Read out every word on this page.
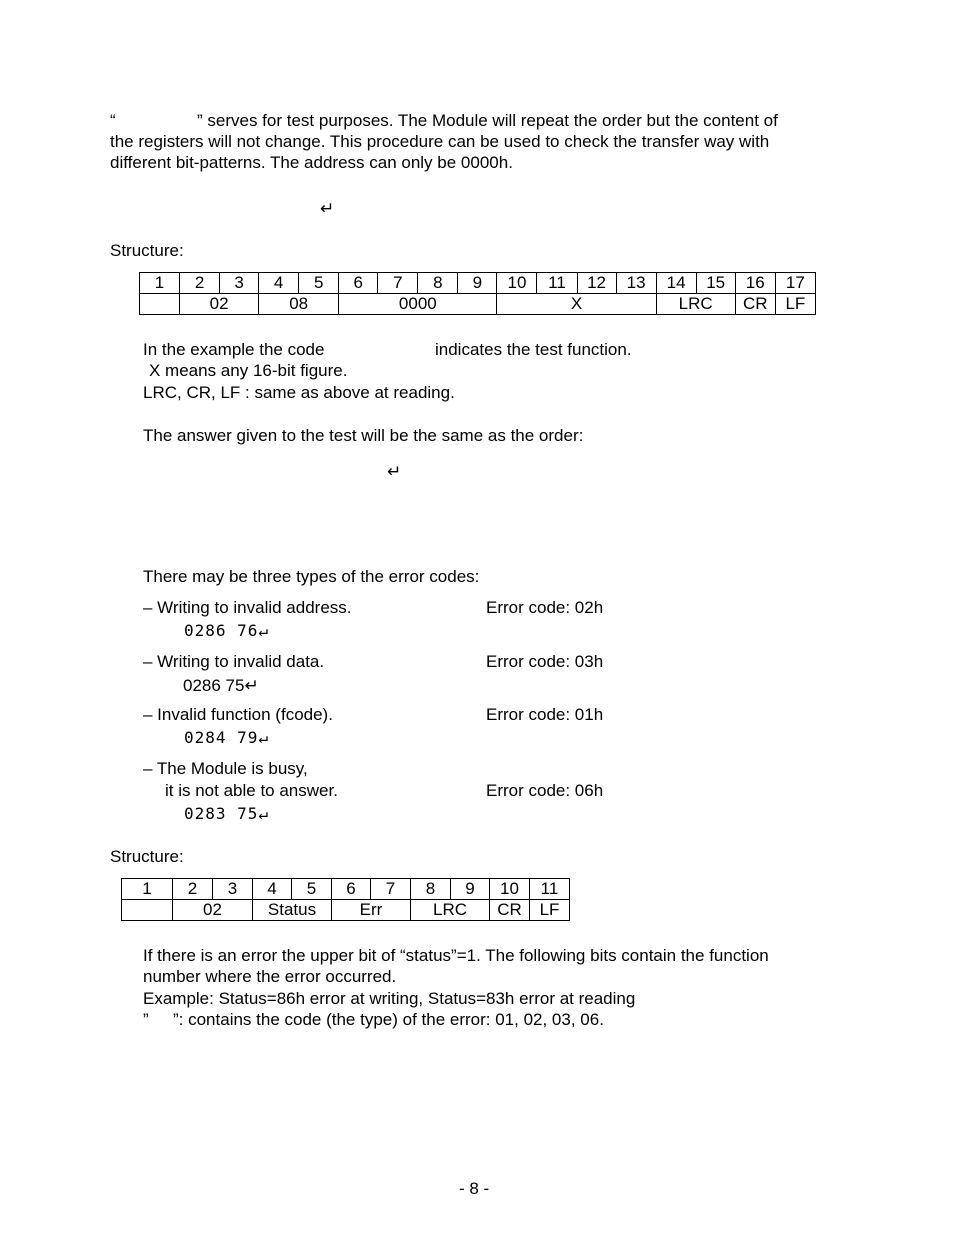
“	” serves for test purposes. The Module will repeat the order but the content of
the registers will not change. This procedure can be used to check the transfer way with
different bit-patterns. The address can only be 0000h.
↵
Structure:
1	2	3	4	5	6	7	8	9	10	11	12	13	14	15	16	17
	02		08		0000				X				LRC		CR	LF
In the example the code	indicates the test function.
X means any 16-bit figure.
LRC, CR, LF : same as above at reading.
The answer given to the test will be the same as the order:
↵
There may be three types of the error codes:
– Writing to invalid address.	Error code: 02h
0286 76↵
– Writing to invalid data.	Error code: 03h
0286 75↵
– Invalid function (fcode).	Error code: 01h
0284 79↵
– The Module is busy,
it is not able to answer.	Error code: 06h
0283 75↵
Structure:
1	2	3	4	5	6	7	8	9	10	11
	02		Status		Err		LRC		CR	LF
If there is an error the upper bit of “status”=1. The following bits contain the function
number where the error occurred.
Example: Status=86h error at writing, Status=83h error at reading
” ”: contains the code (the type) of the error: 01, 02, 03, 06.
- 8 -
